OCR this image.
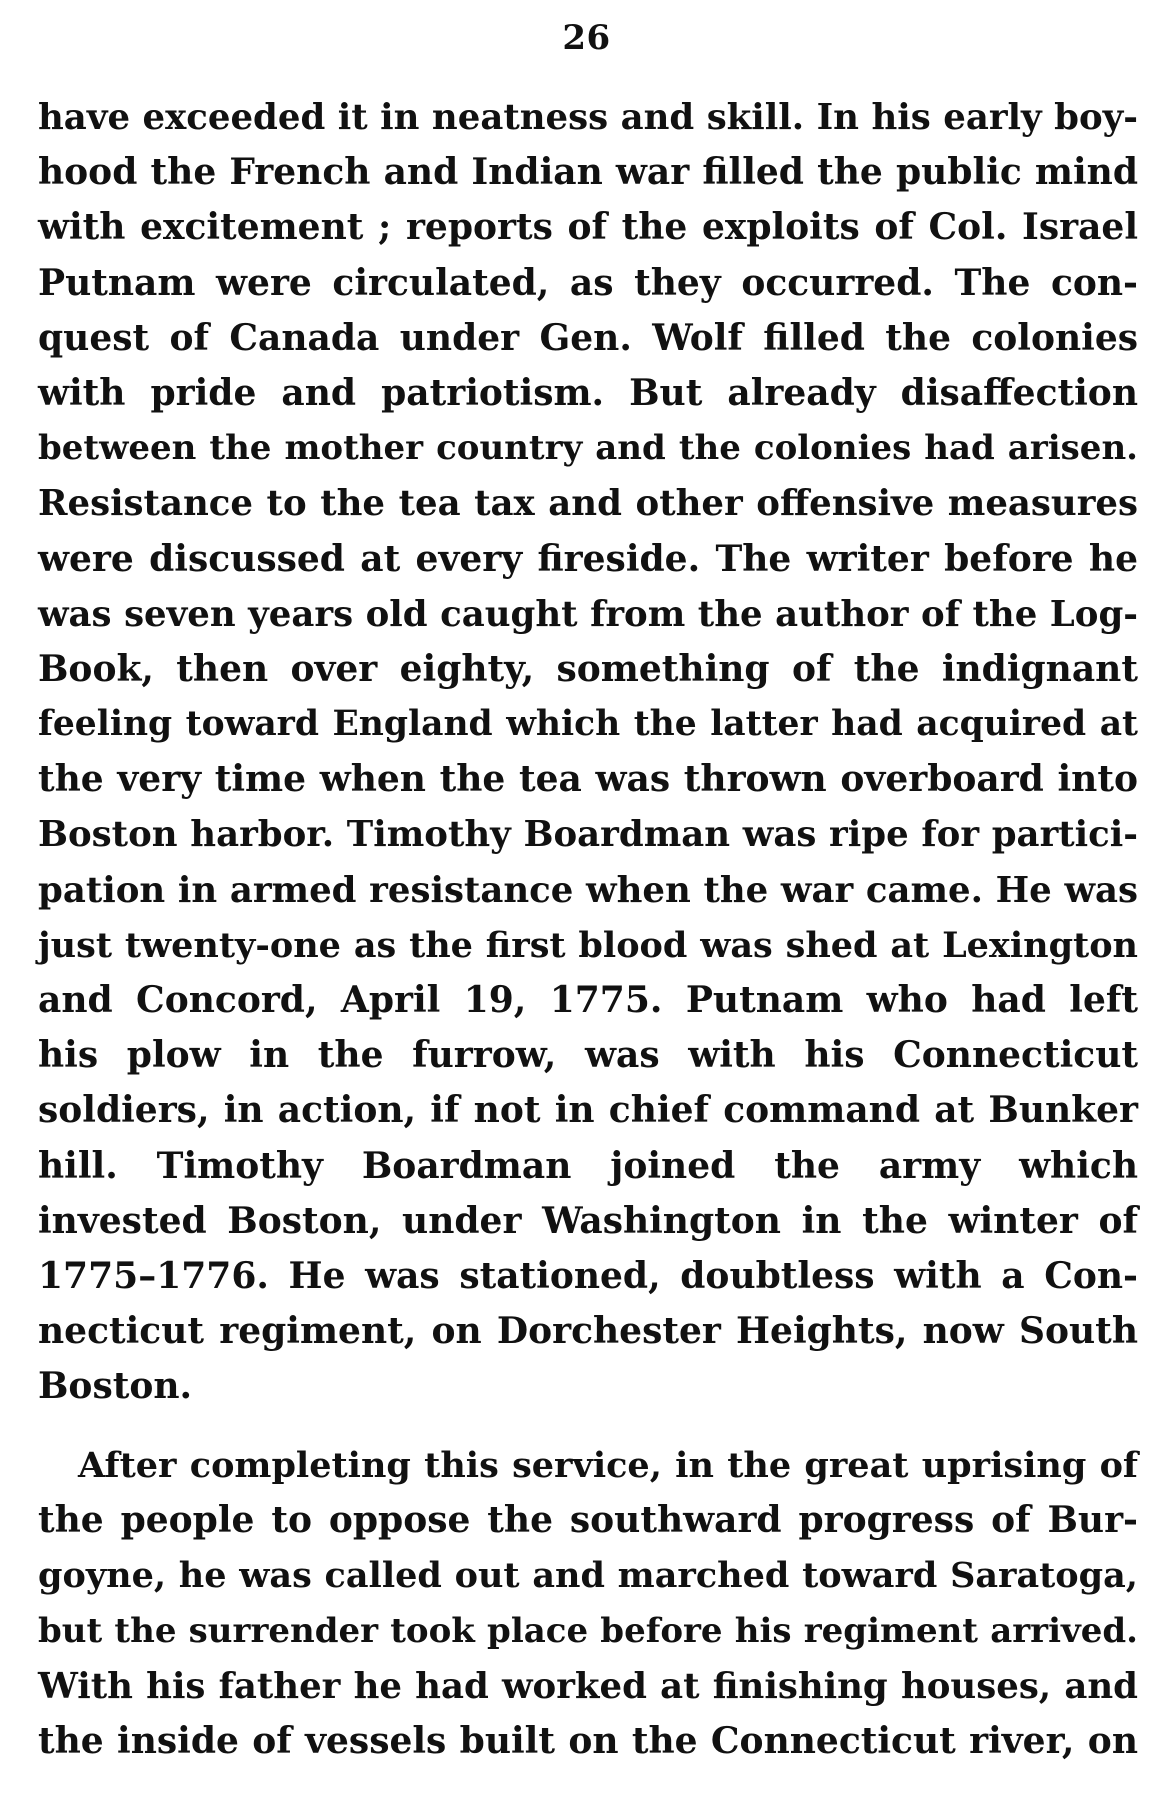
26
have exceeded it in neatness and skill. In his early boy-
hood the French and Indian war filled the public mind
with excitement ; reports of the exploits of Col. Israel
Putnam were circulated, as they occurred. The con-
quest of Canada under Gen. Wolf filled the colonies
with pride and patriotism. But already disaffection
between the mother country and the colonies had arisen.
Resistance to the tea tax and other offensive measures
were discussed at every fireside. The writer before he
was seven years old caught from the author of the Log-
Book, then over eighty, something of the indignant
feeling toward England which the latter had acquired at
the very time when the tea was thrown overboard into
Boston harbor. Timothy Boardman was ripe for partici-
pation in armed resistance when the war came. He was
just twenty-one as the first blood was shed at Lexington
and Concord, April 19, 1775. Putnam who had left
his plow in the furrow, was with his Connecticut
soldiers, in action, if not in chief command at Bunker
hill. Timothy Boardman joined the army which
invested Boston, under Washington in the winter of
1775–1776. He was stationed, doubtless with a Con-
necticut regiment, on Dorchester Heights, now South
Boston.
After completing this service, in the great uprising of
the people to oppose the southward progress of Bur-
goyne, he was called out and marched toward Saratoga,
but the surrender took place before his regiment arrived.
With his father he had worked at finishing houses, and
the inside of vessels built on the Connecticut river, on
